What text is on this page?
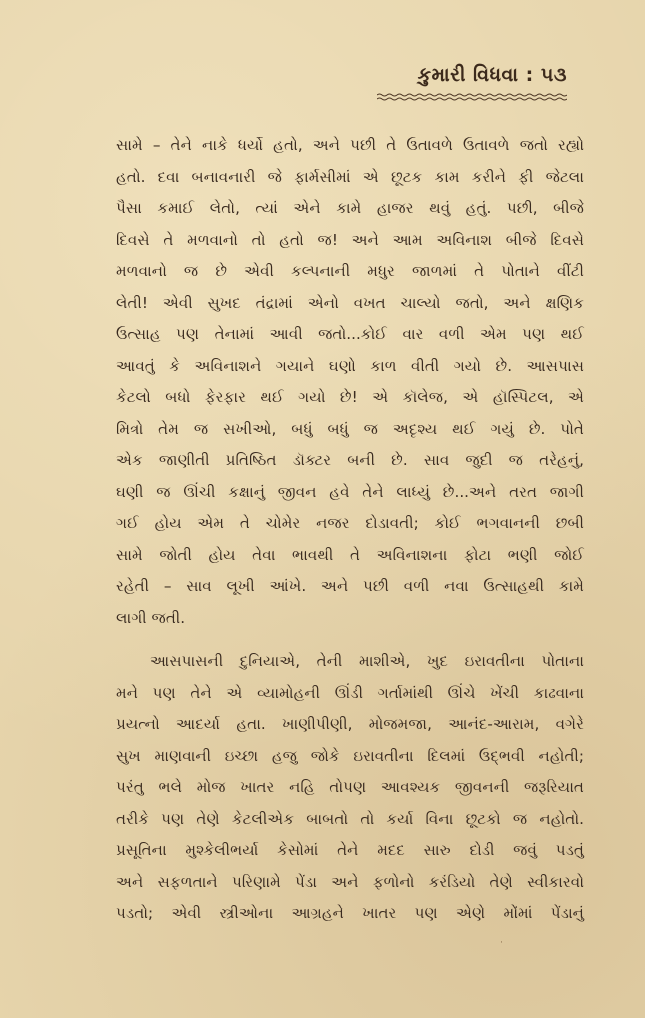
કુમારી વિધવા : ૫૩
સામે – તેને નાકે ધર્યો હતો, અને પછી તે ઉતાવળે ઉતાવળે જતો રહ્યો
હતો. દવા બનાવનારી જે ફાર્મસીમાં એ છૂટક કામ કરીને ફી જેટલા
પૈસા કમાઈ લેતો, ત્યાં એને કામે હાજર થવું હતું. પછી, બીજે
દિવસે તે મળવાનો તો હતો જ! અને આમ અવિનાશ બીજે દિવસે
મળવાનો જ છે એવી કલ્પનાની મધુર જાળમાં તે પોતાને વીંટી
લેતી! એવી સુખદ તંદ્રામાં એનો વખત ચાલ્યો જતો, અને ક્ષણિક
ઉત્સાહ પણ તેનામાં આવી જતો...કોઈ વાર વળી એમ પણ થઈ
આવતું કે અવિનાશને ગયાને ઘણો કાળ વીતી ગયો છે. આસપાસ
કેટલો બધો ફેરફાર થઈ ગયો છે! એ કૉલેજ, એ હૉસ્પિટલ, એ
મિત્રો તેમ જ સખીઓ, બધું બધું જ અદૃશ્ય થઈ ગયું છે. પોતે
એક જાણીતી પ્રતિષ્ઠિત ડૉક્ટર બની છે. સાવ જુદી જ તરેહનું,
ઘણી જ ઊંચી કક્ષાનું જીવન હવે તેને લાધ્યું છે...અને તરત જાગી
ગઈ હોય એમ તે ચોમેર નજર દોડાવતી; કોઈ ભગવાનની છબી
સામે જોતી હોય તેવા ભાવથી તે અવિનાશના ફોટા ભણી જોઈ
રહેતી – સાવ લૂખી આંખે. અને પછી વળી નવા ઉત્સાહથી કામે
લાગી જતી.
આસપાસની દુનિયાએ, તેની માશીએ, ખુદ ઇરાવતીના પોતાના
મને પણ તેને એ વ્યામોહની ઊંડી ગર્તામાંથી ઊંચે ખેંચી કાઢવાના
પ્રયત્નો આદર્યા હતા. ખાણીપીણી, મોજમજા, આનંદ-આરામ, વગેરે
સુખ માણવાની ઇચ્છા હજુ જોકે ઇરાવતીના દિલમાં ઉદ્ભવી નહોતી;
પરંતુ ભલે મોજ ખાતર નહિ તોપણ આવશ્યક જીવનની જરૂરિયાત
તરીકે પણ તેણે કેટલીએક બાબતો તો કર્યા વિના છૂટકો જ નહોતો.
પ્રસૂતિના મુશ્કેલીભર્યા કેસોમાં તેને મદદ સારુ દોડી જવું પડતું
અને સફળતાને પરિણામે પેંડા અને ફળોનો કરંડિયો તેણે સ્વીકારવો
પડતો; એવી સ્ત્રીઓના આગ્રહને ખાતર પણ એણે મોંમાં પેંડાનું
·
